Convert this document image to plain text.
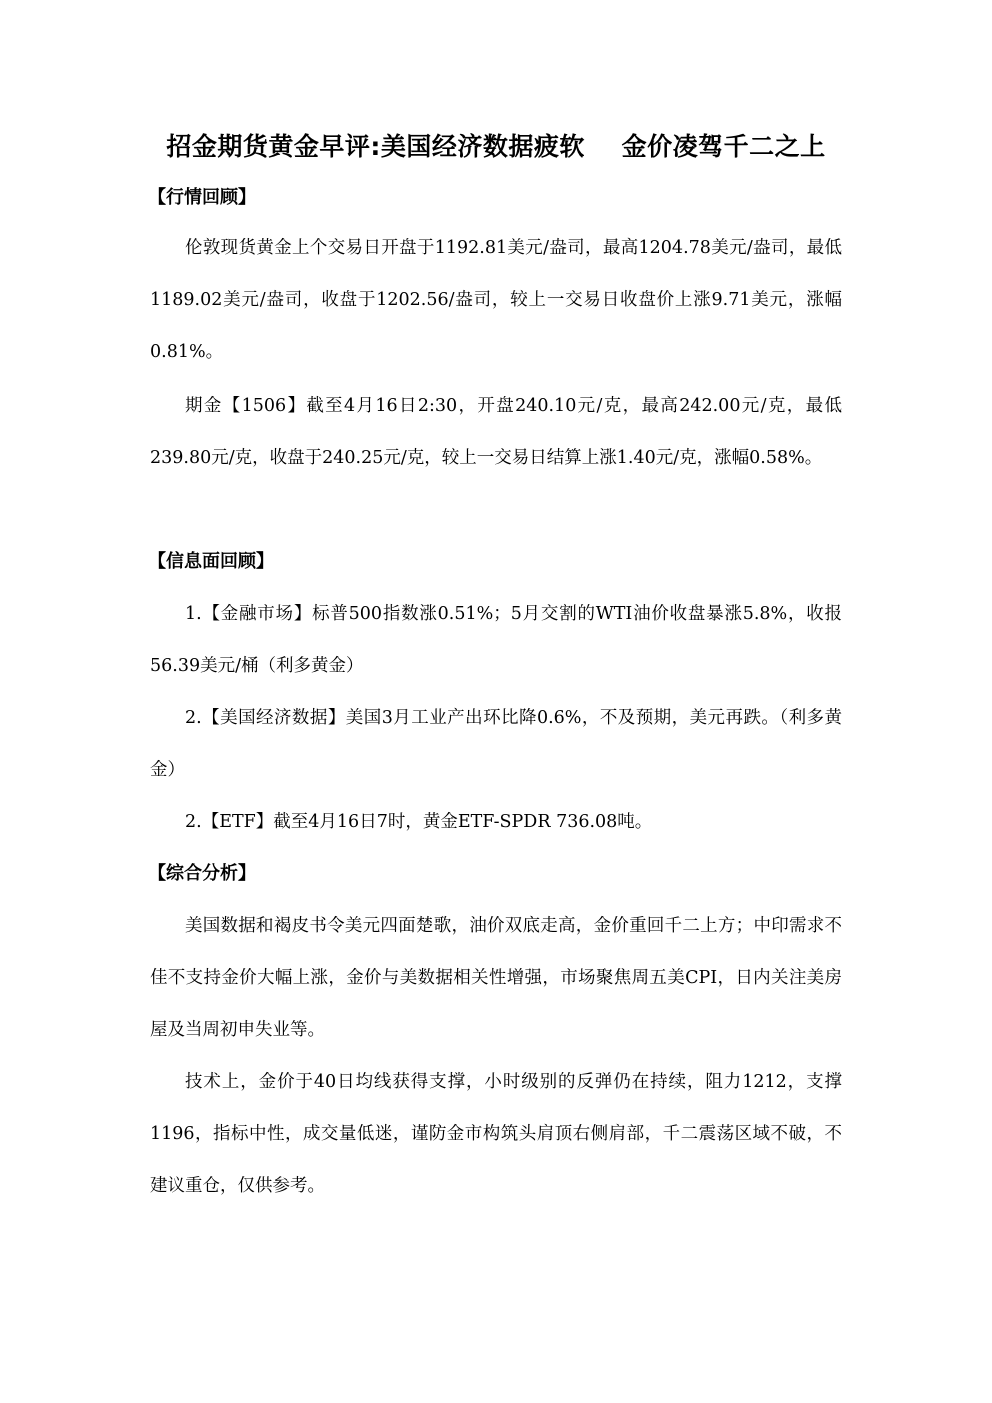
招金期货黄金早评:美国经济数据疲软    金价凌驾千二之上
【行情回顾】

伦敦现货黄金上个交易日开盘于1192.81美元/盎司，最高1204.78美元/盎司，最低1189.02美元/盎司，收盘于1202.56/盎司，较上一交易日收盘价上涨9.71美元，涨幅0.81%。

期金【1506】截至4月16日2:30，开盘240.10元/克，最高242.00元/克，最低239.80元/克，收盘于240.25元/克，较上一交易日结算上涨1.40元/克，涨幅0.58%。

【信息面回顾】

1.【金融市场】标普500指数涨0.51%；5月交割的WTI油价收盘暴涨5.8%，收报56.39美元/桶（利多黄金）

2.【美国经济数据】美国3月工业产出环比降0.6%，不及预期，美元再跌。（利多黄金）

2.【ETF】截至4月16日7时，黄金ETF-SPDR 736.08吨。

【综合分析】

美国数据和褐皮书令美元四面楚歌，油价双底走高，金价重回千二上方；中印需求不佳不支持金价大幅上涨，金价与美数据相关性增强，市场聚焦周五美CPI，日内关注美房屋及当周初申失业等。

技术上，金价于40日均线获得支撑，小时级别的反弹仍在持续，阻力1212，支撑1196，指标中性，成交量低迷，谨防金市构筑头肩顶右侧肩部，千二震荡区域不破，不建议重仓，仅供参考。
